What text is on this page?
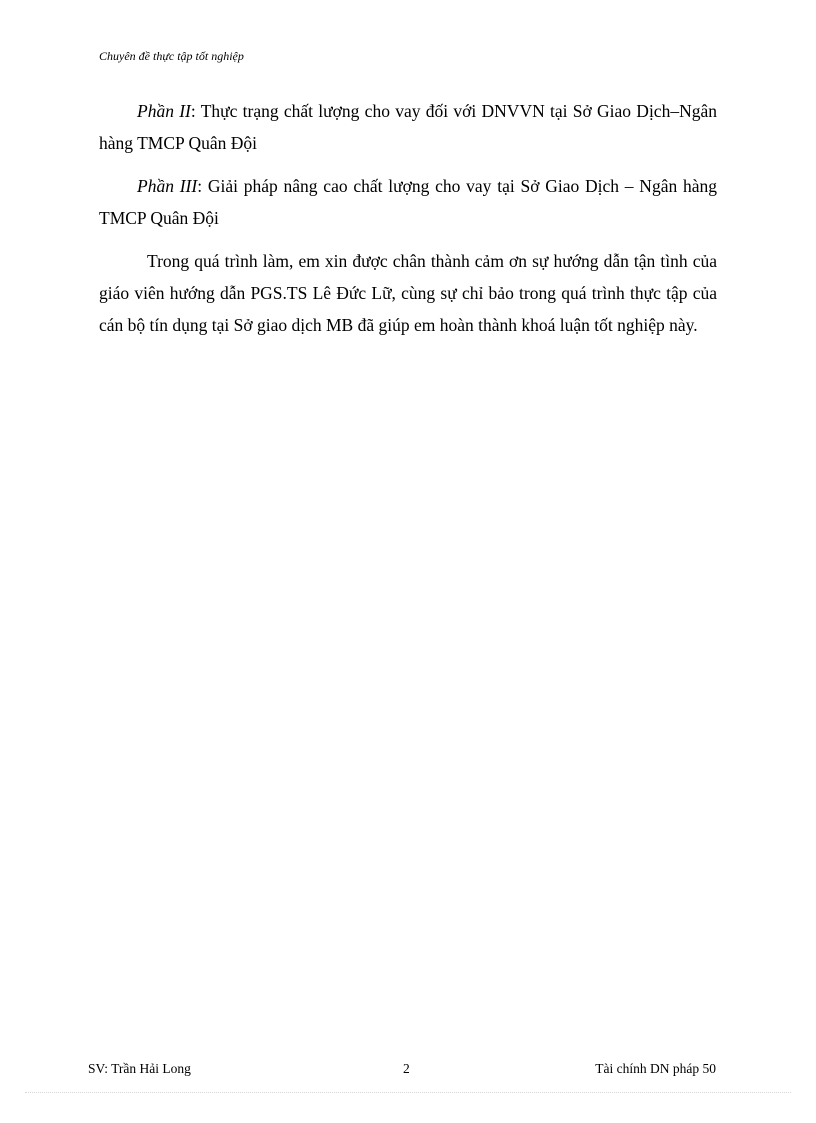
Chuyên đề thực tập tốt nghiệp

Phần II: Thực trạng chất lượng cho vay đối với DNVVN tại Sở Giao Dịch–Ngân hàng TMCP Quân Đội

Phần III: Giải pháp nâng cao chất lượng cho vay tại Sở Giao Dịch – Ngân hàng TMCP Quân Đội

Trong quá trình làm, em xin được chân thành cảm ơn sự hướng dẫn tận tình của giáo viên hướng dẫn PGS.TS Lê Đức Lữ, cùng sự chỉ bảo trong quá trình thực tập của cán bộ tín dụng tại Sở giao dịch MB đã giúp em hoàn thành khoá luận tốt nghiệp này.

SV: Trần Hải Long	2	Tài chính DN pháp 50
